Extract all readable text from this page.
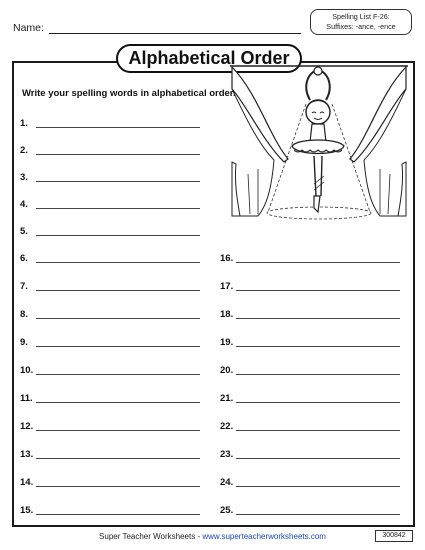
Name:
Spelling List F-26:
Suffixes: -ance, -ence
Alphabetical Order
Write your spelling words in alphabetical order.
1.
2.
3.
4.
5.
6.
7.
8.
9.
10.
11.
12.
13.
14.
15.
16.
17.
18.
19.
20.
21.
22.
23.
24.
25.
Super Teacher Worksheets - www.superteacherworksheets.com	300842
